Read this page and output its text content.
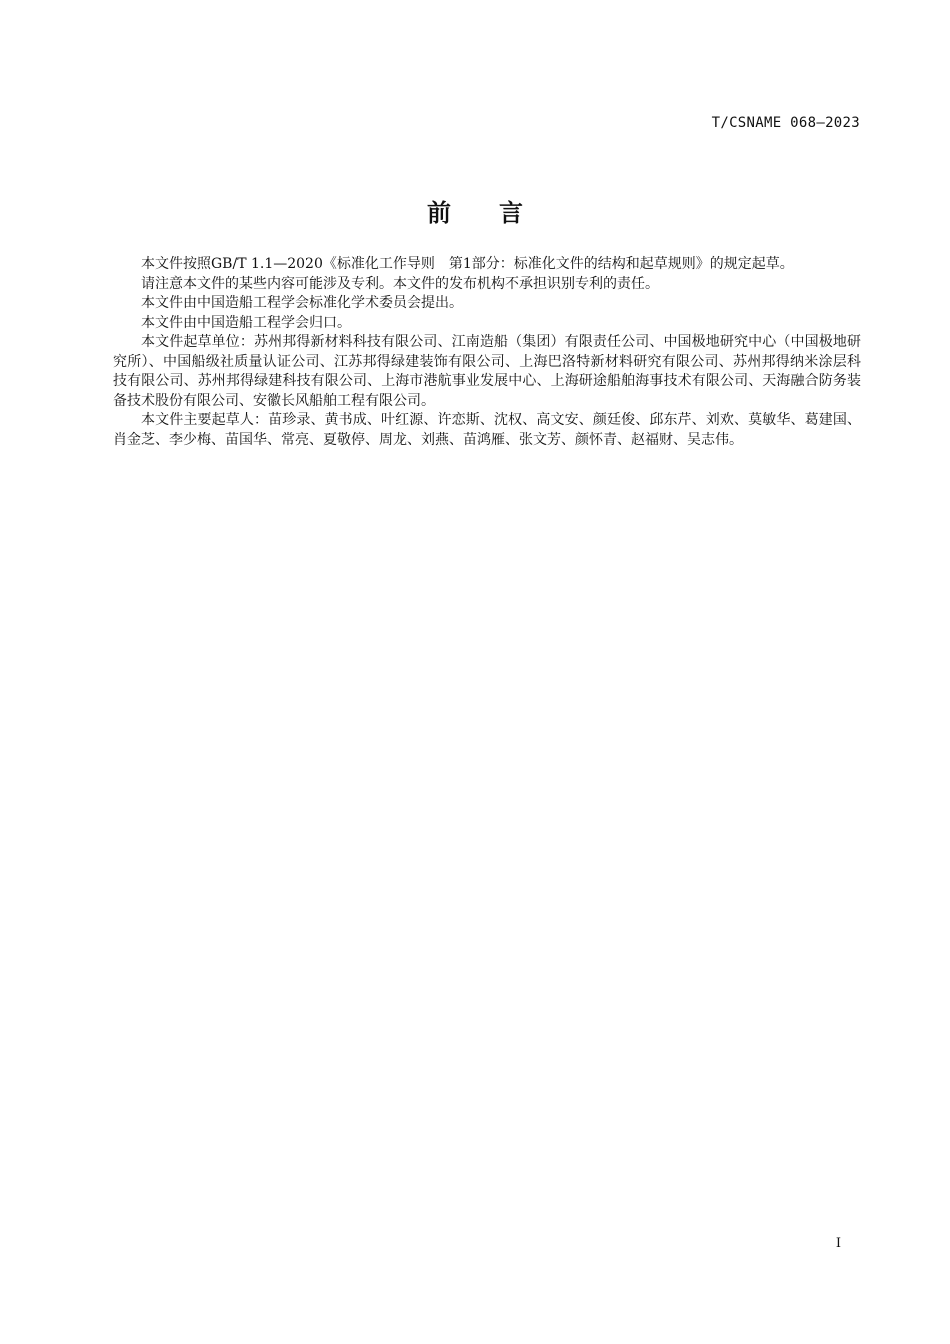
T/CSNAME 068—2023
前言

本文件按照GB/T 1.1—2020《标准化工作导则　第1部分：标准化文件的结构和起草规则》的规定起草。

请注意本文件的某些内容可能涉及专利。本文件的发布机构不承担识别专利的责任。

本文件由中国造船工程学会标准化学术委员会提出。

本文件由中国造船工程学会归口。

本文件起草单位：苏州邦得新材料科技有限公司、江南造船（集团）有限责任公司、中国极地研究中心（中国极地研究所）、中国船级社质量认证公司、江苏邦得绿建装饰有限公司、上海巴洛特新材料研究有限公司、苏州邦得纳米涂层科技有限公司、苏州邦得绿建科技有限公司、上海市港航事业发展中心、上海研途船舶海事技术有限公司、天海融合防务装备技术股份有限公司、安徽长风船舶工程有限公司。

本文件主要起草人：苗珍录、黄书成、叶红源、许恋斯、沈权、高文安、颜廷俊、邱东芹、刘欢、莫敏华、葛建国、肖金芝、李少梅、苗国华、常亮、夏敬停、周龙、刘燕、苗鸿雁、张文芳、颜怀青、赵福财、吴志伟。

I
